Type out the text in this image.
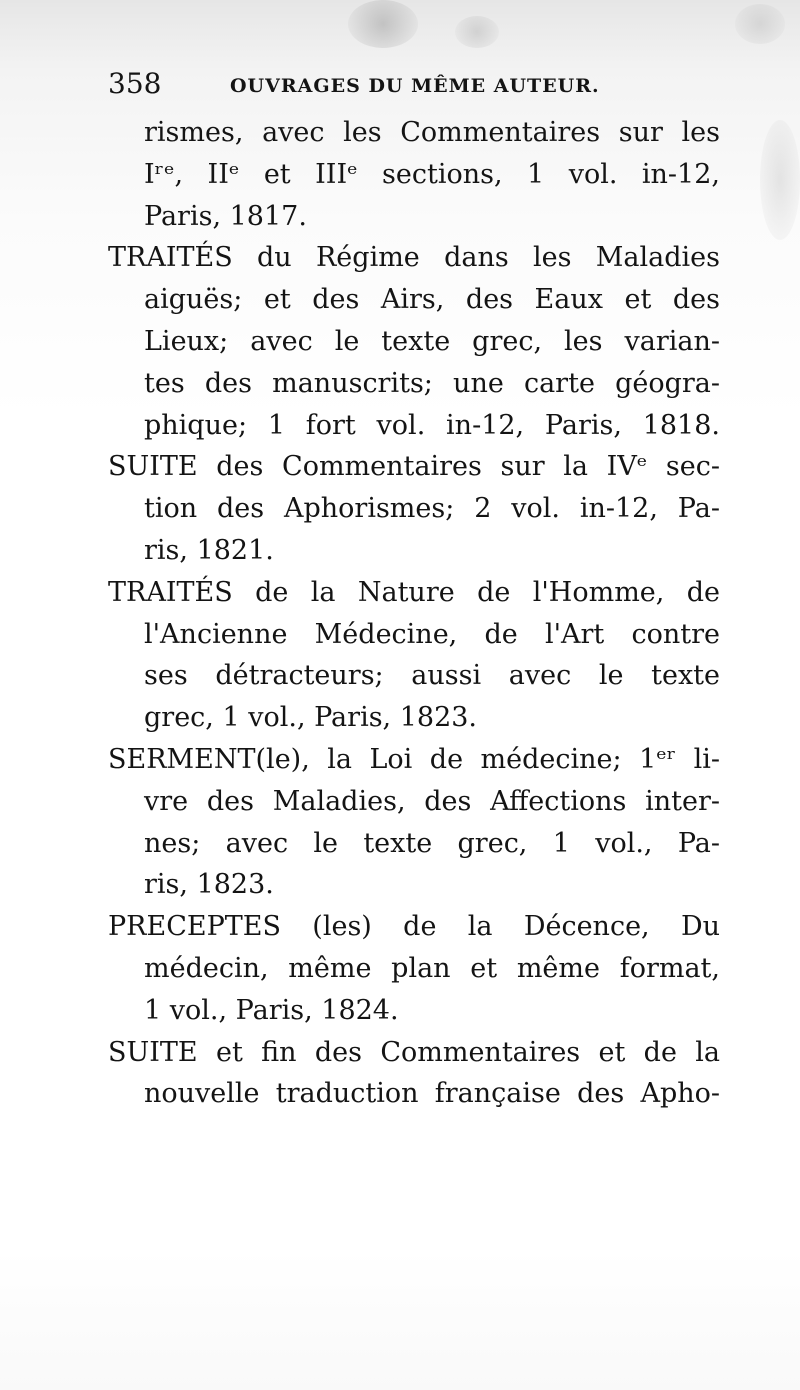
358	OUVRAGES DU MÊME AUTEUR.
rismes, avec les Commentaires sur les
Iʳᵉ, IIᵉ et IIIᵉ sections, 1 vol. in-12,
Paris, 1817.
TRAITÉS du Régime dans les Maladies
aiguës; et des Airs, des Eaux et des
Lieux; avec le texte grec, les varian-
tes des manuscrits; une carte géogra-
phique; 1 fort vol. in-12, Paris, 1818.
SUITE des Commentaires sur la IVᵉ sec-
tion des Aphorismes; 2 vol. in-12, Pa-
ris, 1821.
TRAITÉS de la Nature de l'Homme, de
l'Ancienne Médecine, de l'Art contre
ses détracteurs; aussi avec le texte
grec, 1 vol., Paris, 1823.
SERMENT(le), la Loi de médecine; 1ᵉʳ li-
vre des Maladies, des Affections inter-
nes; avec le texte grec, 1 vol., Pa-
ris, 1823.
PRECEPTES (les) de la Décence, Du
médecin, même plan et même format,
1 vol., Paris, 1824.
SUITE et fin des Commentaires et de la
nouvelle traduction française des Apho-
